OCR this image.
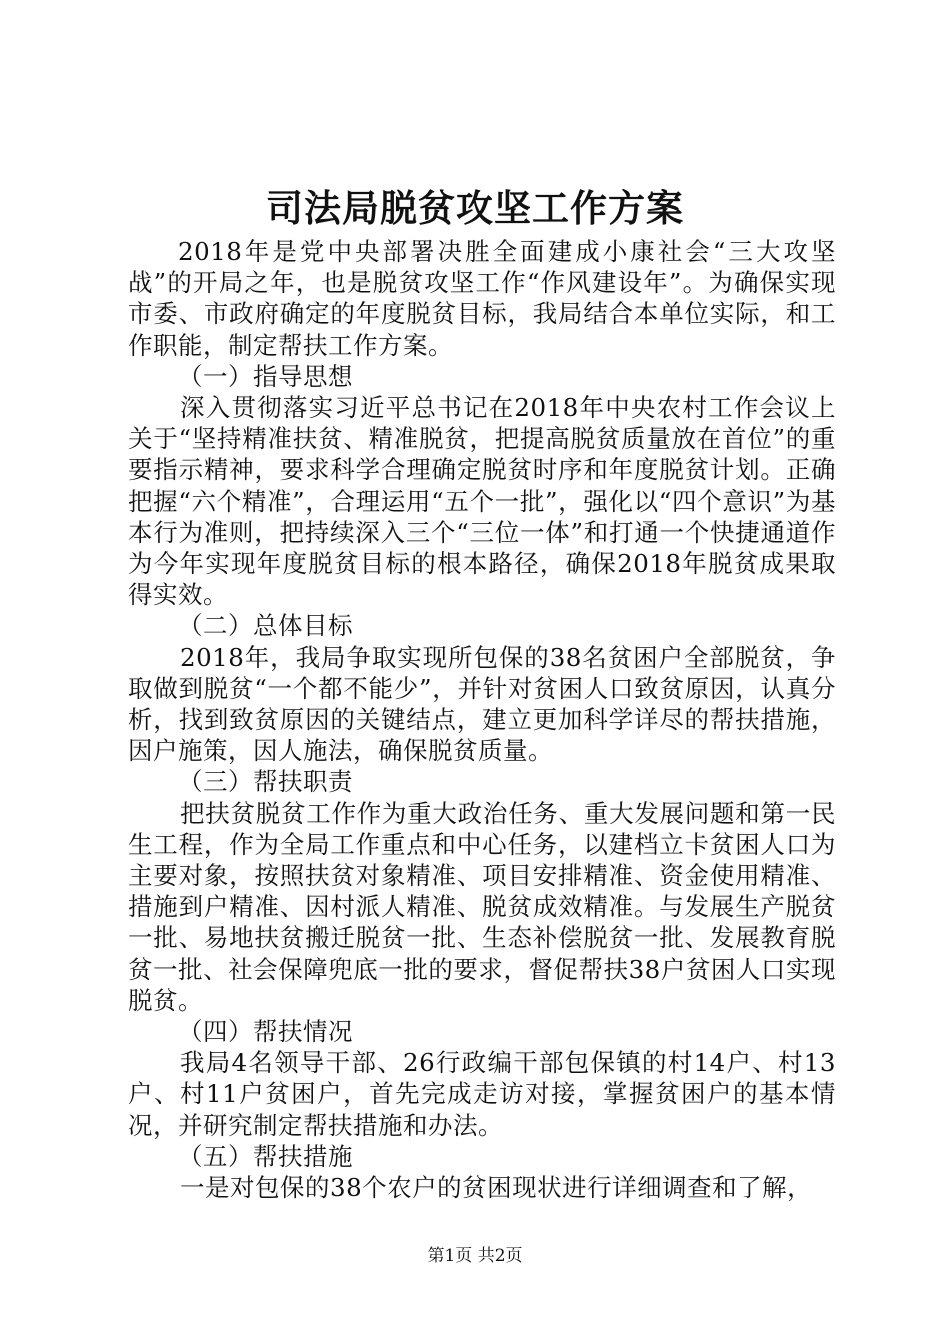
司法局脱贫攻坚工作方案

2018年是党中央部署决胜全面建成小康社会“三大攻坚战”的开局之年，也是脱贫攻坚工作“作风建设年”。为确保实现市委、市政府确定的年度脱贫目标，我局结合本单位实际，和工作职能，制定帮扶工作方案。

（一）指导思想

深入贯彻落实习近平总书记在2018年中央农村工作会议上关于“坚持精准扶贫、精准脱贫，把提高脱贫质量放在首位”的重要指示精神，要求科学合理确定脱贫时序和年度脱贫计划。正确把握“六个精准”，合理运用“五个一批”，强化以“四个意识”为基本行为准则，把持续深入三个“三位一体”和打通一个快捷通道作为今年实现年度脱贫目标的根本路径，确保2018年脱贫成果取得实效。

（二）总体目标

2018年，我局争取实现所包保的38名贫困户全部脱贫，争取做到脱贫“一个都不能少”，并针对贫困人口致贫原因，认真分析，找到致贫原因的关键结点，建立更加科学详尽的帮扶措施，因户施策，因人施法，确保脱贫质量。

（三）帮扶职责

把扶贫脱贫工作作为重大政治任务、重大发展问题和第一民生工程，作为全局工作重点和中心任务，以建档立卡贫困人口为主要对象，按照扶贫对象精准、项目安排精准、资金使用精准、措施到户精准、因村派人精准、脱贫成效精准。与发展生产脱贫一批、易地扶贫搬迁脱贫一批、生态补偿脱贫一批、发展教育脱贫一批、社会保障兜底一批的要求，督促帮扶38户贫困人口实现脱贫。

（四）帮扶情况

我局4名领导干部、26行政编干部包保镇的村14户、村13户、村11户贫困户，首先完成走访对接，掌握贫困户的基本情况，并研究制定帮扶措施和办法。

（五）帮扶措施

一是对包保的38个农户的贫困现状进行详细调查和了解，

第1页 共2页
